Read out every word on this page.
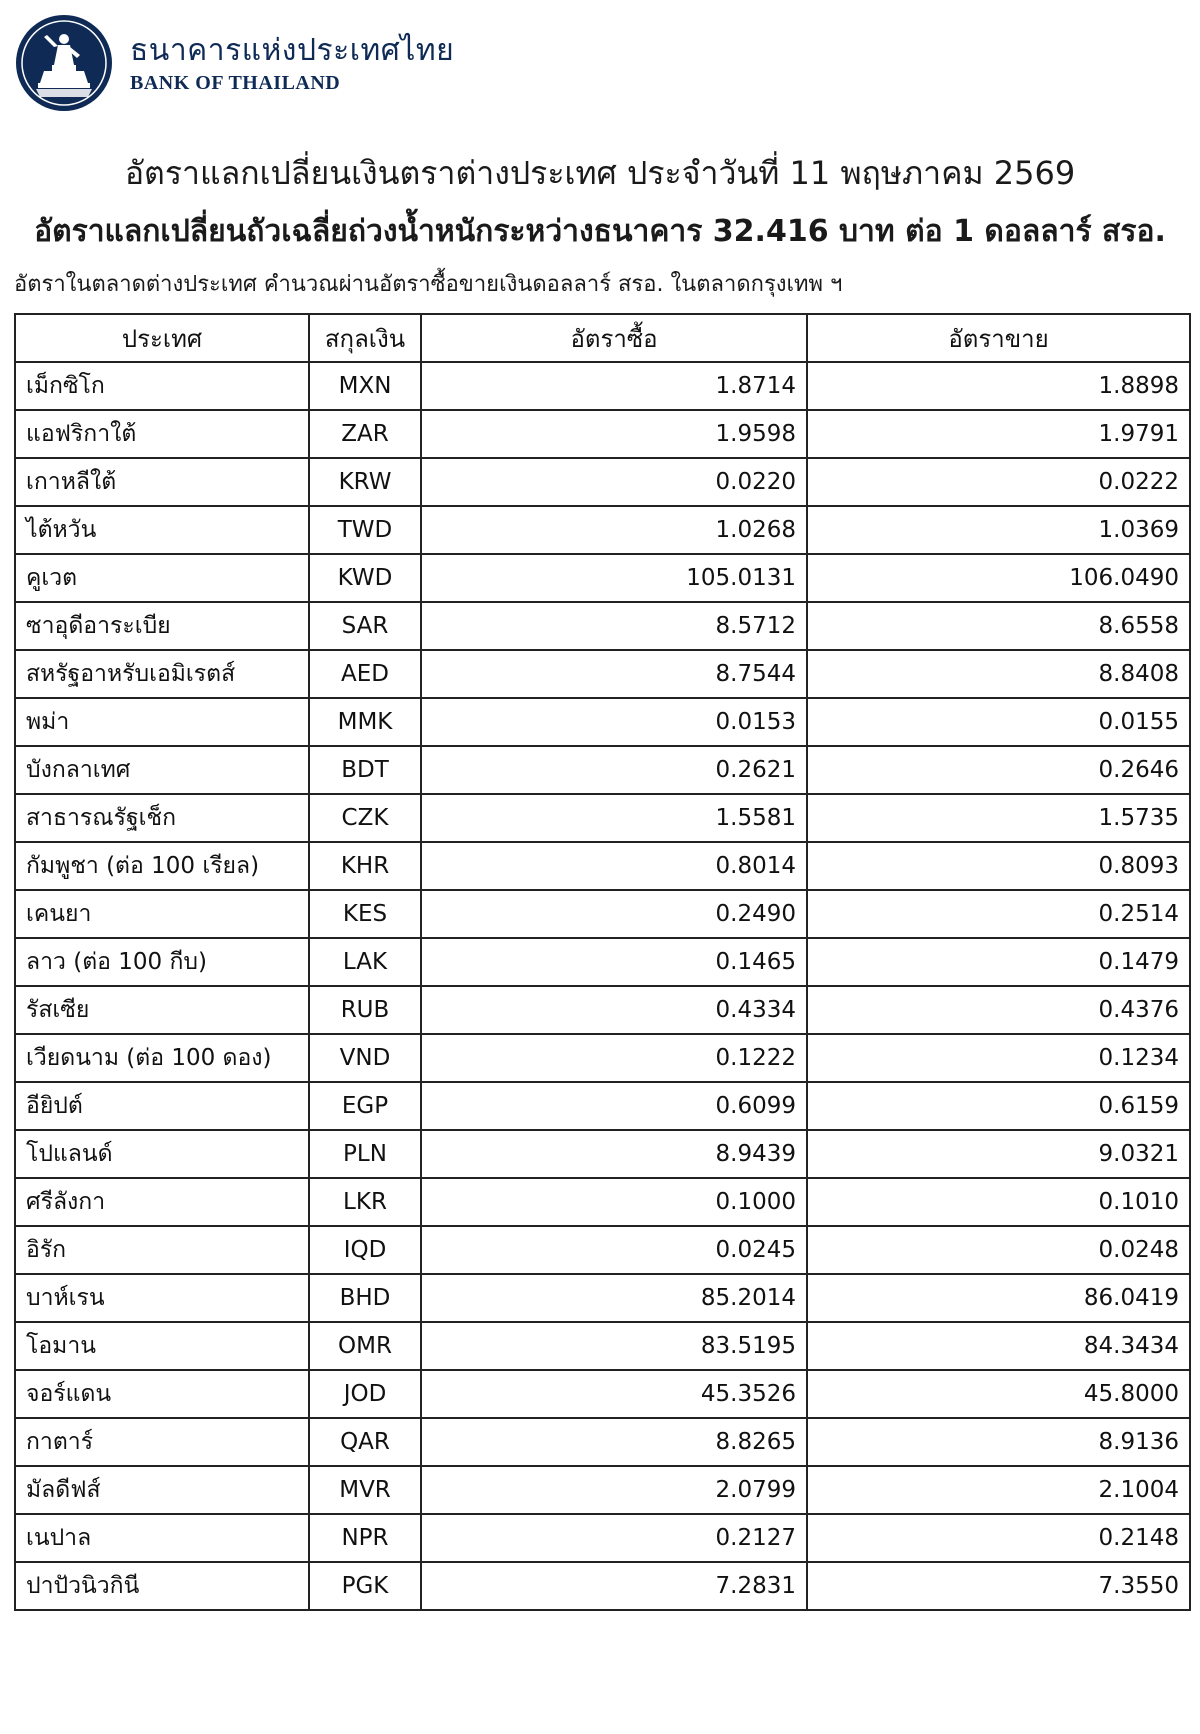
ธนาคารแห่งประเทศไทย
BANK OF THAILAND
อัตราแลกเปลี่ยนเงินตราต่างประเทศ ประจำวันที่ 11 พฤษภาคม 2569
อัตราแลกเปลี่ยนถัวเฉลี่ยถ่วงน้ำหนักระหว่างธนาคาร 32.416 บาท ต่อ 1 ดอลลาร์ สรอ.
อัตราในตลาดต่างประเทศ คำนวณผ่านอัตราซื้อขายเงินดอลลาร์ สรอ. ในตลาดกรุงเทพ ฯ
ประเทศ	สกุลเงิน	อัตราซื้อ	อัตราขาย
เม็กซิโก	MXN	1.8714	1.8898
แอฟริกาใต้	ZAR	1.9598	1.9791
เกาหลีใต้	KRW	0.0220	0.0222
ไต้หวัน	TWD	1.0268	1.0369
คูเวต	KWD	105.0131	106.0490
ซาอุดีอาระเบีย	SAR	8.5712	8.6558
สหรัฐอาหรับเอมิเรตส์	AED	8.7544	8.8408
พม่า	MMK	0.0153	0.0155
บังกลาเทศ	BDT	0.2621	0.2646
สาธารณรัฐเช็ก	CZK	1.5581	1.5735
กัมพูชา (ต่อ 100 เรียล)	KHR	0.8014	0.8093
เคนยา	KES	0.2490	0.2514
ลาว (ต่อ 100 กีบ)	LAK	0.1465	0.1479
รัสเซีย	RUB	0.4334	0.4376
เวียดนาม (ต่อ 100 ดอง)	VND	0.1222	0.1234
อียิปต์	EGP	0.6099	0.6159
โปแลนด์	PLN	8.9439	9.0321
ศรีลังกา	LKR	0.1000	0.1010
อิรัก	IQD	0.0245	0.0248
บาห์เรน	BHD	85.2014	86.0419
โอมาน	OMR	83.5195	84.3434
จอร์แดน	JOD	45.3526	45.8000
กาตาร์	QAR	8.8265	8.9136
มัลดีฟส์	MVR	2.0799	2.1004
เนปาล	NPR	0.2127	0.2148
ปาปัวนิวกินี	PGK	7.2831	7.3550
